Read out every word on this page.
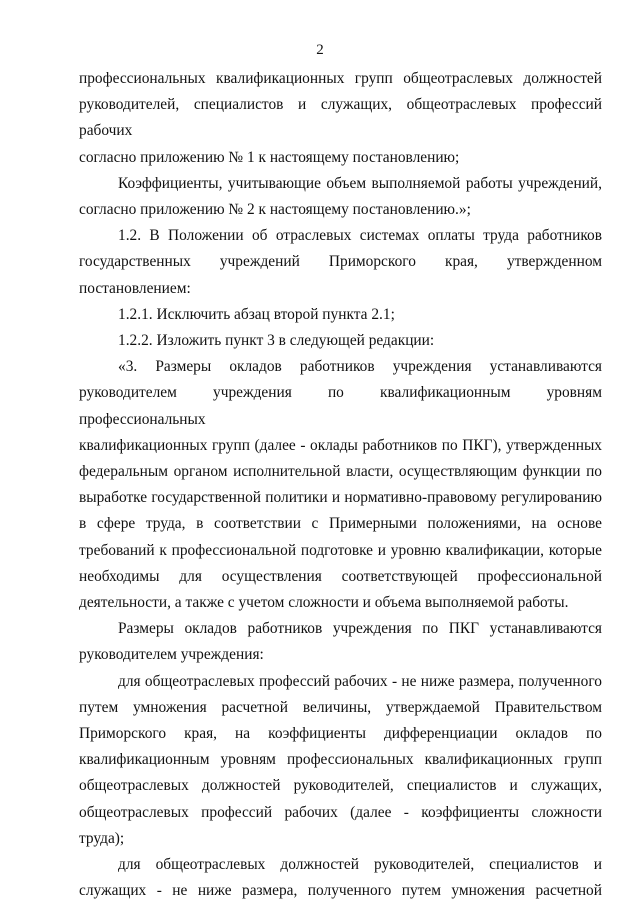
2

профессиональных квалификационных групп общеотраслевых должностей
руководителей, специалистов и служащих, общеотраслевых профессий рабочих
согласно приложению № 1 к настоящему постановлению;

Коэффициенты, учитывающие объем выполняемой работы учреждений,
согласно приложению № 2 к настоящему постановлению.»;

1.2. В Положении об отраслевых системах оплаты труда работников
государственных учреждений Приморского края, утвержденном
постановлением:

1.2.1. Исключить абзац второй пункта 2.1;

1.2.2. Изложить пункт 3 в следующей редакции:

«3. Размеры окладов работников учреждения устанавливаются
руководителем учреждения по квалификационным уровням профессиональных
квалификационных групп (далее - оклады работников по ПКГ), утвержденных
федеральным органом исполнительной власти, осуществляющим функции по
выработке государственной политики и нормативно-правовому регулированию
в сфере труда, в соответствии с Примерными положениями, на основе
требований к профессиональной подготовке и уровню квалификации, которые
необходимы для осуществления соответствующей профессиональной
деятельности, а также с учетом сложности и объема выполняемой работы.

Размеры окладов работников учреждения по ПКГ устанавливаются
руководителем учреждения:

для общеотраслевых профессий рабочих - не ниже размера, полученного
путем умножения расчетной величины, утверждаемой Правительством
Приморского края, на коэффициенты дифференциации окладов по
квалификационным уровням профессиональных квалификационных групп
общеотраслевых должностей руководителей, специалистов и служащих,
общеотраслевых профессий рабочих (далее - коэффициенты сложности
труда);

для общеотраслевых должностей руководителей, специалистов и
служащих - не ниже размера, полученного путем умножения расчетной
